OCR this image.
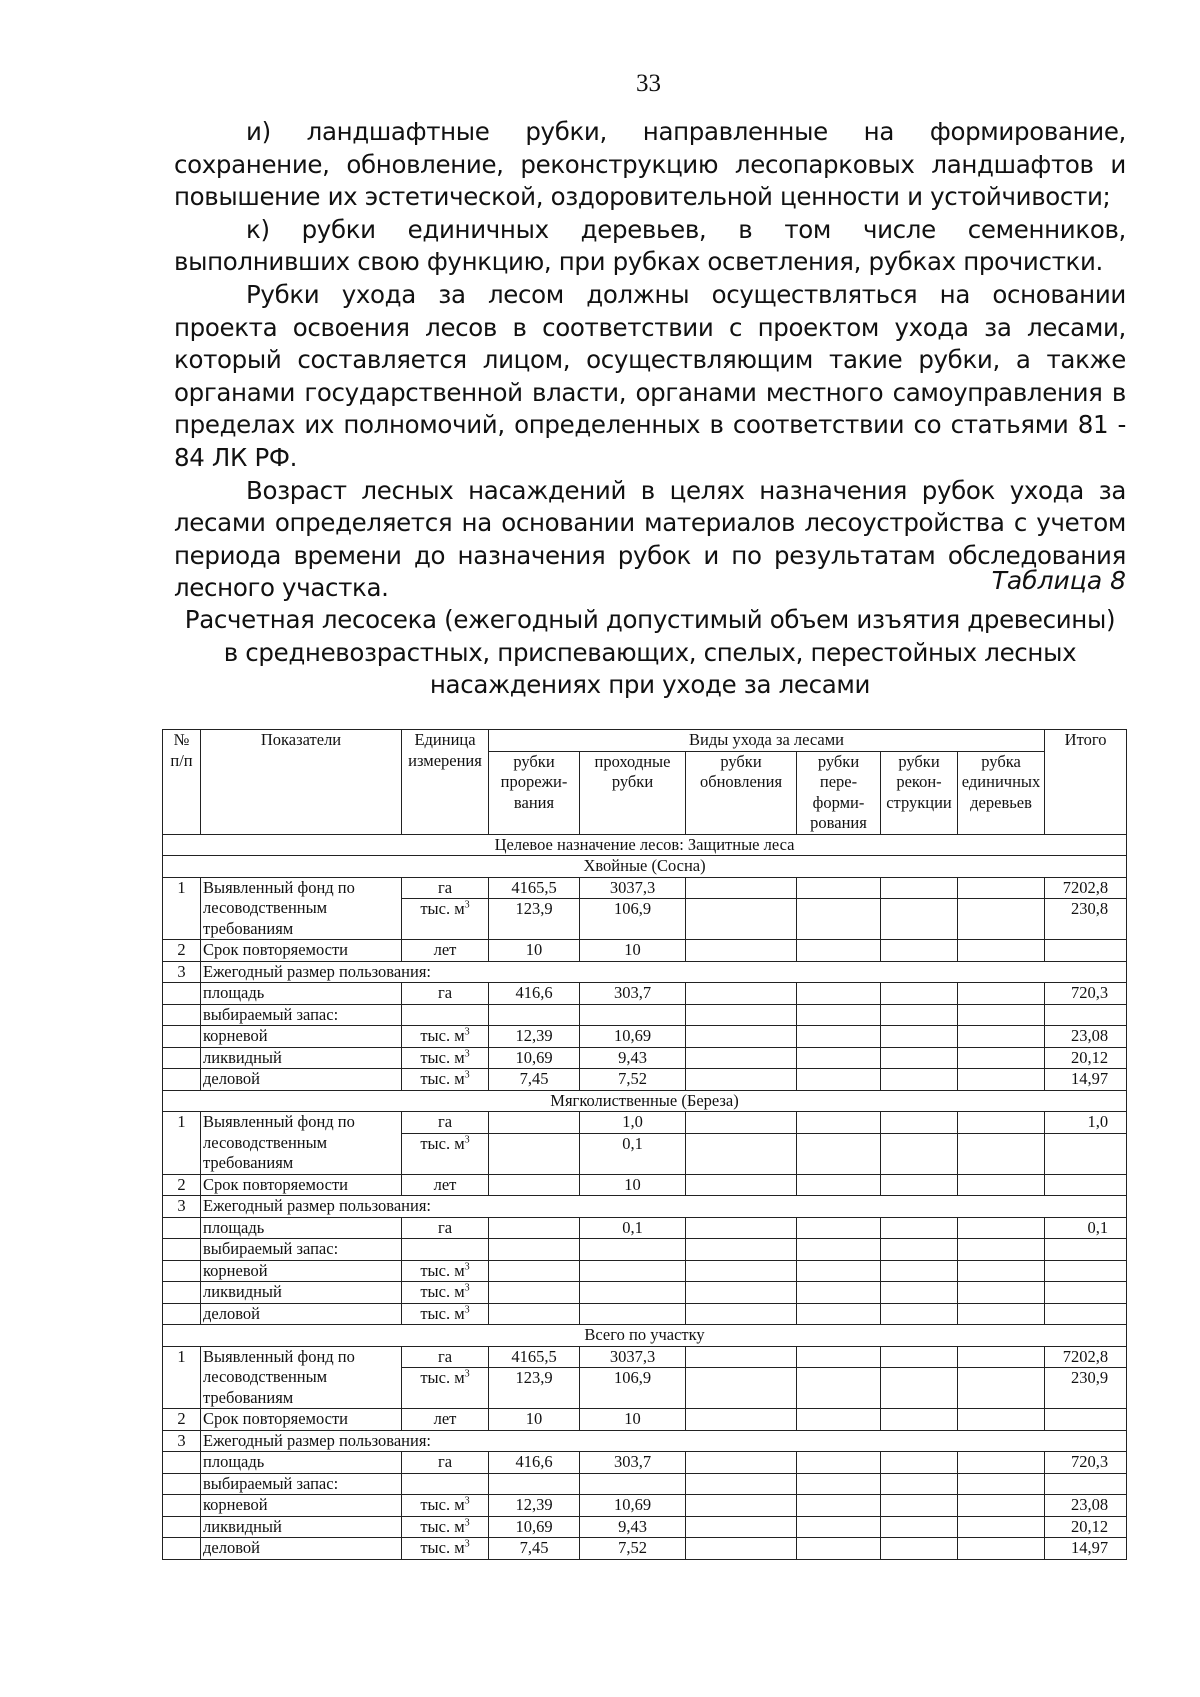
33

и) ландшафтные рубки, направленные на формирование, сохранение, обновление, реконструкцию лесопарковых ландшафтов и повышение их эстетической, оздоровительной ценности и устойчивости;

к) рубки единичных деревьев, в том числе семенников, выполнивших свою функцию, при рубках осветления, рубках прочистки.

Рубки ухода за лесом должны осуществляться на основании проекта освоения лесов в соответствии с проектом ухода за лесами, который составляется лицом, осуществляющим такие рубки, а также органами государственной власти, органами местного самоуправления в пределах их полномочий, определенных в соответствии со статьями 81 - 84 ЛК РФ.

Возраст лесных насаждений в целях назначения рубок ухода за лесами определяется на основании материалов лесоустройства с учетом периода времени до назначения рубок и по результатам обследования лесного участка.	Таблица 8
Расчетная лесосека (ежегодный допустимый объем изъятия древесины)
в средневозрастных, приспевающих, спелых, перестойных лесных
насаждениях при уходе за лесами
№ п/п	Показатели	Единица измерения	Виды ухода за лесами						Итого
			рубки прореживания	проходные рубки	рубки обновления	рубки переформирования	рубки реконструкции	рубка единичных деревьев	
Целевое назначение лесов: Защитные леса									
Хвойные (Сосна)									
1	Выявленный фонд по лесоводственным требованиям	га	4165,5	3037,3					7202,8
		тыс. $м^3$	123,9	106,9					230,8
2	Срок повторяемости	лет	10	10					
3	Ежегодный размер пользования:								
	площадь	га	416,6	303,7					720,3
	выбираемый запас:								
	корневой	тыс. $м^3$	12,39	10,69					23,08
	ликвидный	тыс. $м^3$	10,69	9,43					20,12
	деловой	тыс. $м^3$	7,45	7,52					14,97
Мягколиственные (Береза)									
1	Выявленный фонд по лесоводственным требованиям	га		1,0					1,0
		тыс. $м^3$		0,1					
2	Срок повторяемости	лет		10					
3	Ежегодный размер пользования:								
	площадь	га		0,1					0,1
	выбираемый запас:								
	корневой	тыс. $м^3$							
	ликвидный	тыс. $м^3$							
	деловой	тыс. $м^3$							
Всего по участку									
1	Выявленный фонд по лесоводственным требованиям	га	4165,5	3037,3					7202,8
		тыс. $м^3$	123,9	106,9					230,9
2	Срок повторяемости	лет	10	10					
3	Ежегодный размер пользования:								
	площадь	га	416,6	303,7					720,3
	выбираемый запас:								
	корневой	тыс. $м^3$	12,39	10,69					23,08
	ликвидный	тыс. $м^3$	10,69	9,43					20,12
	деловой	тыс. $м^3$	7,45	7,52					14,97
